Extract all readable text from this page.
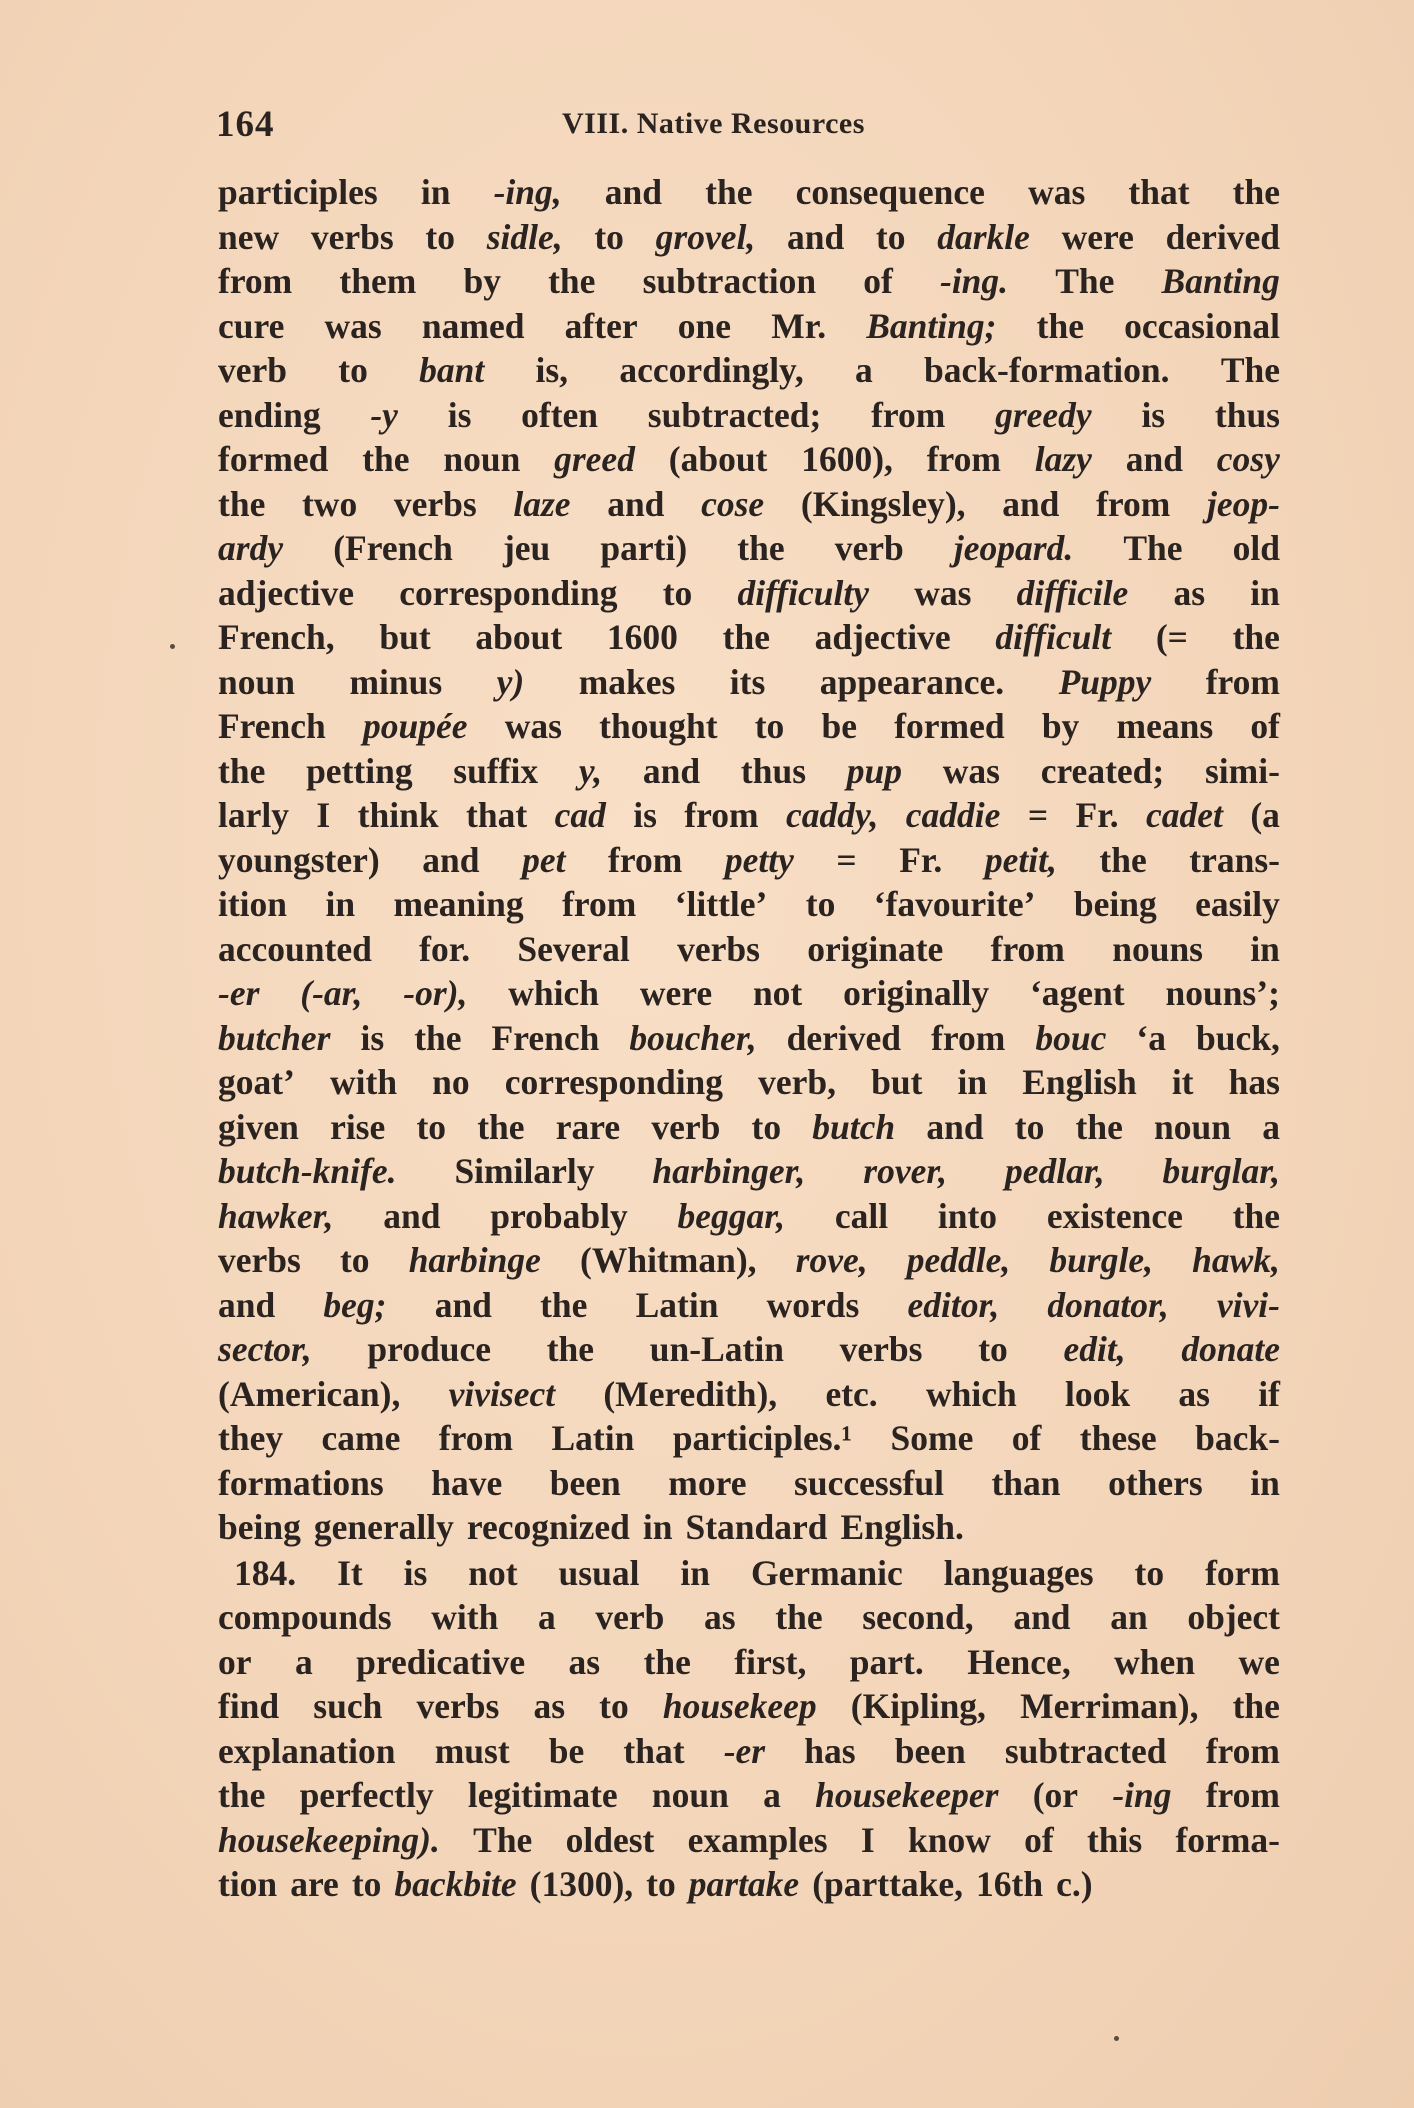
164	VIII. Native Resources
participles in -ing, and the consequence was that the
new verbs to sidle, to grovel, and to darkle were derived
from them by the subtraction of -ing. The Banting
cure was named after one Mr. Banting; the occasional
verb to bant is, accordingly, a back-formation. The
ending -y is often subtracted; from greedy is thus
formed the noun greed (about 1600), from lazy and cosy
the two verbs laze and cose (Kingsley), and from jeop-
ardy (French jeu parti) the verb jeopard. The old
adjective corresponding to difficulty was difficile as in
French, but about 1600 the adjective difficult (= the
noun minus y) makes its appearance. Puppy from
French poupée was thought to be formed by means of
the petting suffix y, and thus pup was created; simi-
larly I think that cad is from caddy, caddie = Fr. cadet (a
youngster) and pet from petty = Fr. petit, the trans-
ition in meaning from ‘little’ to ‘favourite’ being easily
accounted for. Several verbs originate from nouns in
-er (-ar, -or), which were not originally ‘agent nouns’;
butcher is the French boucher, derived from bouc ‘a buck,
goat’ with no corresponding verb, but in English it has
given rise to the rare verb to butch and to the noun a
butch-knife. Similarly harbinger, rover, pedlar, burglar,
hawker, and probably beggar, call into existence the
verbs to harbinge (Whitman), rove, peddle, burgle, hawk,
and beg; and the Latin words editor, donator, vivi-
sector, produce the un-Latin verbs to edit, donate
(American), vivisect (Meredith), etc. which look as if
they came from Latin participles.¹ Some of these back-
formations have been more successful than others in
being generally recognized in Standard English.
184. It is not usual in Germanic languages to form
compounds with a verb as the second, and an object
or a predicative as the first, part. Hence, when we
find such verbs as to housekeep (Kipling, Merriman), the
explanation must be that -er has been subtracted from
the perfectly legitimate noun a housekeeper (or -ing from
housekeeping). The oldest examples I know of this forma-
tion are to backbite (1300), to partake (parttake, 16th c.)
